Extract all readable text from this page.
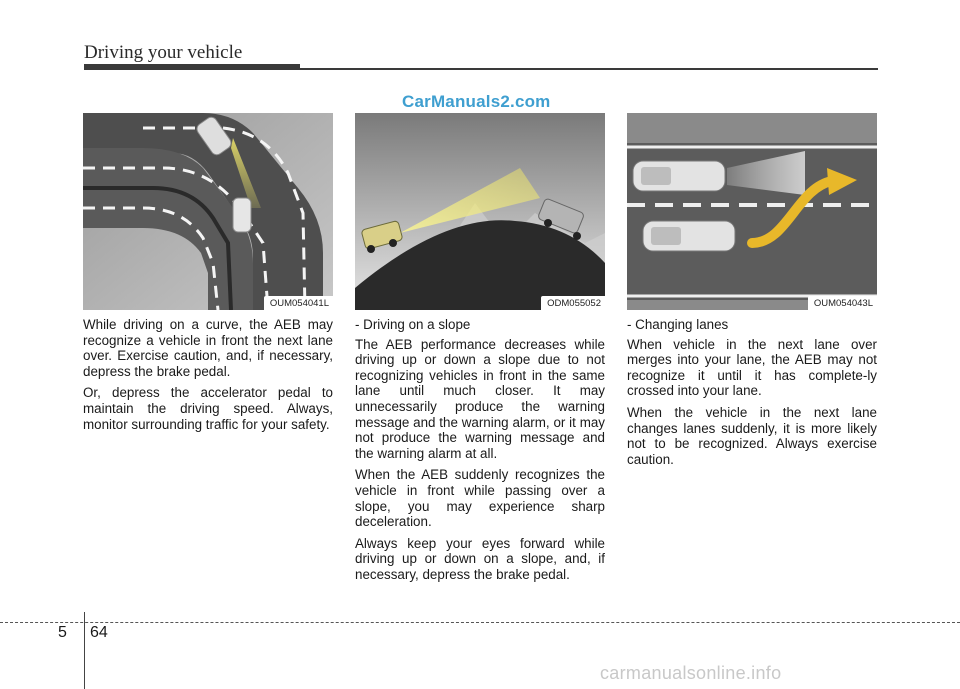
Driving your vehicle
CarManuals2.com
OUM054041L

While driving on a curve, the AEB may recognize a vehicle in front the next lane over. Exercise caution, and, if necessary, depress the brake pedal.

Or, depress the accelerator pedal to maintain the driving speed. Always, monitor surrounding traffic for your safety.

ODM055052

- Driving on a slope

The AEB performance decreases while driving up or down a slope due to not recognizing vehicles in front in the same lane until much closer. It may unnecessarily produce the warning message and the warning alarm, or it may not produce the warning message and the warning alarm at all.

When the AEB suddenly recognizes the vehicle in front while passing over a slope, you may experience sharp deceleration.

Always keep your eyes forward while driving up or down on a slope, and, if necessary, depress the brake pedal.

OUM054043L

- Changing lanes

When vehicle in the next lane over merges into your lane, the AEB may not recognize it until it has complete-ly crossed into your lane.

When the vehicle in the next lane changes lanes suddenly, it is more likely not to be recognized. Always exercise caution.

5 64
carmanualsonline.info
